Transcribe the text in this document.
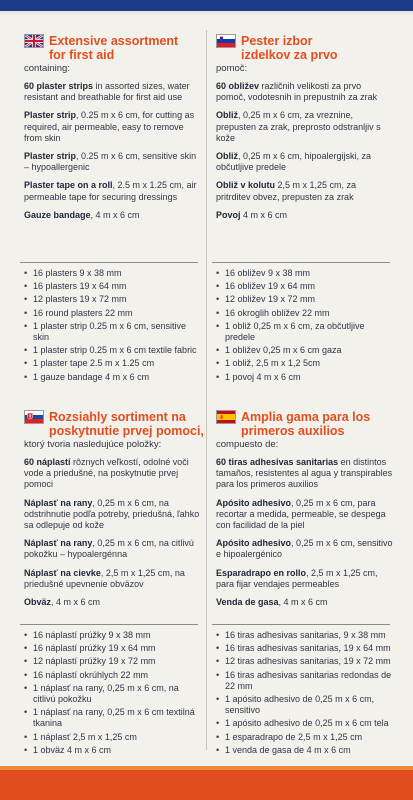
Extensive assortment
for first aid
containing:

60 plaster strips in assorted sizes, water resistant and breathable for first aid use

Plaster strip, 0.25 m x 6 cm, for cutting as required, air permeable, easy to remove from skin

Plaster strip, 0.25 m x 6 cm, sensitive skin – hypoallergenic

Plaster tape on a roll, 2.5 m x 1.25 cm, air permeable tape for securing dressings

Gauze bandage, 4 m x 6 cm

• 16 plasters 9 x 38 mm
• 16 plasters 19 x 64 mm
• 12 plasters 19 x 72 mm
• 16 round plasters 22 mm
• 1 plaster strip 0.25 m x 6 cm, sensitive skin
• 1 plaster strip 0.25 m x 6 cm textile fabric
• 1 plaster tape 2.5 m x 1.25 cm
• 1 gauze bandage 4 m x 6 cm
Pester izbor
izdelkov za prvo
pomoč:

60 obližev različnih velikosti za prvo pomoč, vodotesnih in prepustnih za zrak

Obliž, 0,25 m x 6 cm, za vreznine, prepusten za zrak, preprosto odstranljiv s kože

Obliž, 0,25 m x 6 cm, hipoalergijski, za občutljive predele

Obliž v kolutu 2,5 m x 1,25 cm, za pritrditev obvez, prepusten za zrak

Povoj 4 m x 6 cm

• 16 obližev 9 x 38 mm
• 16 obližev 19 x 64 mm
• 12 obližev 19 x 72 mm
• 16 okroglih obližev 22 mm
• 1 obliž 0,25 m x 6 cm, za občutljive predele
• 1 obližev 0,25 m x 6 cm gaza
• 1 obliž, 2,5 m x 1,2 5cm
• 1 povoj 4 m x 6 cm
Rozsiahly sortiment na
poskytnutie prvej pomoci,
ktorý tvoria nasledujúce položky:

60 náplastí rôznych veľkostí, odolné voči vode a priedušné, na poskytnutie prvej pomoci

Náplasť na rany, 0,25 m x 6 cm, na odstrihnutie podľa potreby, priedušná, ľahko sa odlepuje od kože

Náplasť na rany, 0,25 m x 6 cm, na citlivú pokožku – hypoalergénna

Náplasť na cievke, 2,5 m x 1,25 cm, na priedušné upevnenie obväzov

Obväz, 4 m x 6 cm

• 16 náplastí prúžky 9 x 38 mm
• 16 náplastí prúžky 19 x 64 mm
• 12 náplastí prúžky 19 x 72 mm
• 16 náplastí okrúhlych 22 mm
• 1 náplasť na rany, 0,25 m x 6 cm, na citlivú pokožku
• 1 náplasť na rany, 0,25 m x 6 cm textilná tkanina
• 1 náplasť 2,5 m x 1,25 cm
• 1 obväz 4 m x 6 cm
Amplia gama para los
primeros auxilios
compuesto de:

60 tiras adhesivas sanitarias en distintos tamaños, resistentes al agua y transpirables para los primeros auxilios

Apósito adhesivo, 0,25 m x 6 cm, para recortar a medida, permeable, se despega con facilidad de la piel

Apósito adhesivo, 0,25 m x 6 cm, sensitivo e hipoalergénico

Esparadrapo en rollo, 2,5 m x 1,25 cm, para fijar vendajes permeables

Venda de gasa, 4 m x 6 cm

• 16 tiras adhesivas sanitarias, 9 x 38 mm
• 16 tiras adhesivas sanitarias, 19 x 64 mm
• 12 tiras adhesivas sanitarias, 19 x 72 mm
• 16 tiras adhesivas sanitarias redondas de 22 mm
• 1 apósito adhesivo de 0,25 m x 6 cm, sensitivo
• 1 apósito adhesivo de 0,25 m x 6 cm tela
• 1 esparadrapo de 2,5 m x 1,25 cm
• 1 venda de gasa de 4 m x 6 cm
